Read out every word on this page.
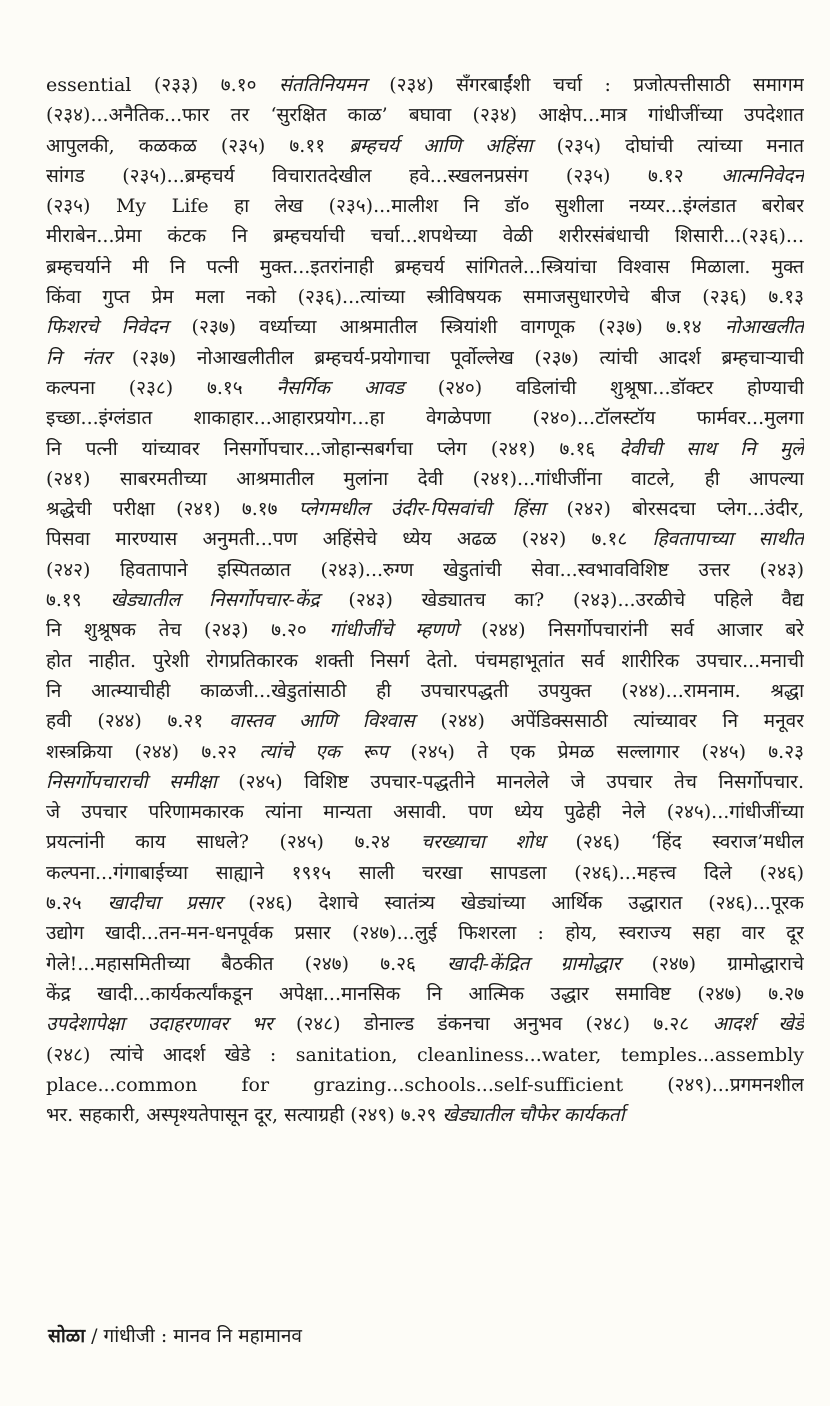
essential (२३३) ७.१० संततिनियमन (२३४) सँगरबाईंशी चर्चा : प्रजोत्पत्तीसाठी समागम
(२३४)...अनैतिक...फार तर ‘सुरक्षित काळ’ बघावा (२३४) आक्षेप...मात्र गांधीजींच्या उपदेशात
आपुलकी, कळकळ (२३५) ७.११ ब्रम्हचर्य आणि अहिंसा (२३५) दोघांची त्यांच्या मनात
सांगड (२३५)...ब्रम्हचर्य विचारातदेखील हवे...स्खलनप्रसंग (२३५) ७.१२ आत्मनिवेदन
(२३५) My Life हा लेख (२३५)...मालीश नि डॉ० सुशीला नय्यर...इंग्लंडात बरोबर
मीराबेन...प्रेमा कंटक नि ब्रम्हचर्याची चर्चा...शपथेच्या वेळी शरीरसंबंधाची शिसारी...(२३६)...
ब्रम्हचर्याने मी नि पत्नी मुक्त...इतरांनाही ब्रम्हचर्य सांगितले...स्त्रियांचा विश्वास मिळाला. मुक्त
किंवा गुप्त प्रेम मला नको (२३६)...त्यांच्या स्त्रीविषयक समाजसुधारणेचे बीज (२३६) ७.१३
फिशरचे निवेदन (२३७) वर्ध्याच्या आश्रमातील स्त्रियांशी वागणूक (२३७) ७.१४ नोआखलीत
नि नंतर (२३७) नोआखलीतील ब्रम्हचर्य-प्रयोगाचा पूर्वोल्लेख (२३७) त्यांची आदर्श ब्रम्हचाऱ्याची
कल्पना (२३८) ७.१५ नैसर्गिक आवड (२४०) वडिलांची शुश्रूषा...डॉक्टर होण्याची
इच्छा...इंग्लंडात शाकाहार...आहारप्रयोग...हा वेगळेपणा (२४०)...टॉलस्टॉय फार्मवर...मुलगा
नि पत्नी यांच्यावर निसर्गोपचार...जोहान्सबर्गचा प्लेग (२४१) ७.१६ देवीची साथ नि मुले
(२४१) साबरमतीच्या आश्रमातील मुलांना देवी (२४१)...गांधीजींना वाटले, ही आपल्या
श्रद्धेची परीक्षा (२४१) ७.१७ प्लेगमधील उंदीर-पिसवांची हिंसा (२४२) बोरसदचा प्लेग...उंदीर,
पिसवा मारण्यास अनुमती...पण अहिंसेचे ध्येय अढळ (२४२) ७.१८ हिवतापाच्या साथीत
(२४२) हिवतापाने इस्पितळात (२४३)...रुग्ण खेडुतांची सेवा...स्वभावविशिष्ट उत्तर (२४३)
७.१९ खेड्यातील निसर्गोपचार-केंद्र (२४३) खेड्यातच का? (२४३)...उरळीचे पहिले वैद्य
नि शुश्रूषक तेच (२४३) ७.२० गांधीजींचे म्हणणे (२४४) निसर्गोपचारांनी सर्व आजार बरे
होत नाहीत. पुरेशी रोगप्रतिकारक शक्ती निसर्ग देतो. पंचमहाभूतांत सर्व शारीरिक उपचार...मनाची
नि आत्म्याचीही काळजी...खेडुतांसाठी ही उपचारपद्धती उपयुक्त (२४४)...रामनाम. श्रद्धा
हवी (२४४) ७.२१ वास्तव आणि विश्वास (२४४) अपेंडिक्ससाठी त्यांच्यावर नि मनूवर
शस्त्रक्रिया (२४४) ७.२२ त्यांचे एक रूप (२४५) ते एक प्रेमळ सल्लागार (२४५) ७.२३
निसर्गोपचाराची समीक्षा (२४५) विशिष्ट उपचार-पद्धतीने मानलेले जे उपचार तेच निसर्गोपचार.
जे उपचार परिणामकारक त्यांना मान्यता असावी. पण ध्येय पुढेही नेले (२४५)...गांधीजींच्या
प्रयत्नांनी काय साधले? (२४५) ७.२४ चरख्याचा शोध (२४६) ‘हिंद स्वराज’मधील
कल्पना...गंगाबाईच्या साह्याने १९१५ साली चरखा सापडला (२४६)...महत्त्व दिले (२४६)
७.२५ खादीचा प्रसार (२४६) देशाचे स्वातंत्र्य खेड्यांच्या आर्थिक उद्धारात (२४६)...पूरक
उद्योग खादी...तन-मन-धनपूर्वक प्रसार (२४७)...लुई फिशरला : होय, स्वराज्य सहा वार दूर
गेले!...महासमितीच्या बैठकीत (२४७) ७.२६ खादी-केंद्रित ग्रामोद्धार (२४७) ग्रामोद्धाराचे
केंद्र खादी...कार्यकर्त्यांकडून अपेक्षा...मानसिक नि आत्मिक उद्धार समाविष्ट (२४७) ७.२७
उपदेशापेक्षा उदाहरणावर भर (२४८) डोनाल्ड डंकनचा अनुभव (२४८) ७.२८ आदर्श खेडे
(२४८) त्यांचे आदर्श खेडे : sanitation, cleanliness...water, temples...assembly
place...common for grazing...schools...self-sufficient (२४९)...प्रगमनशील
भर. सहकारी, अस्पृश्यतेपासून दूर, सत्याग्रही (२४९) ७.२९ खेड्यातील चौफेर कार्यकर्ता
सोळा / गांधीजी : मानव नि महामानव
